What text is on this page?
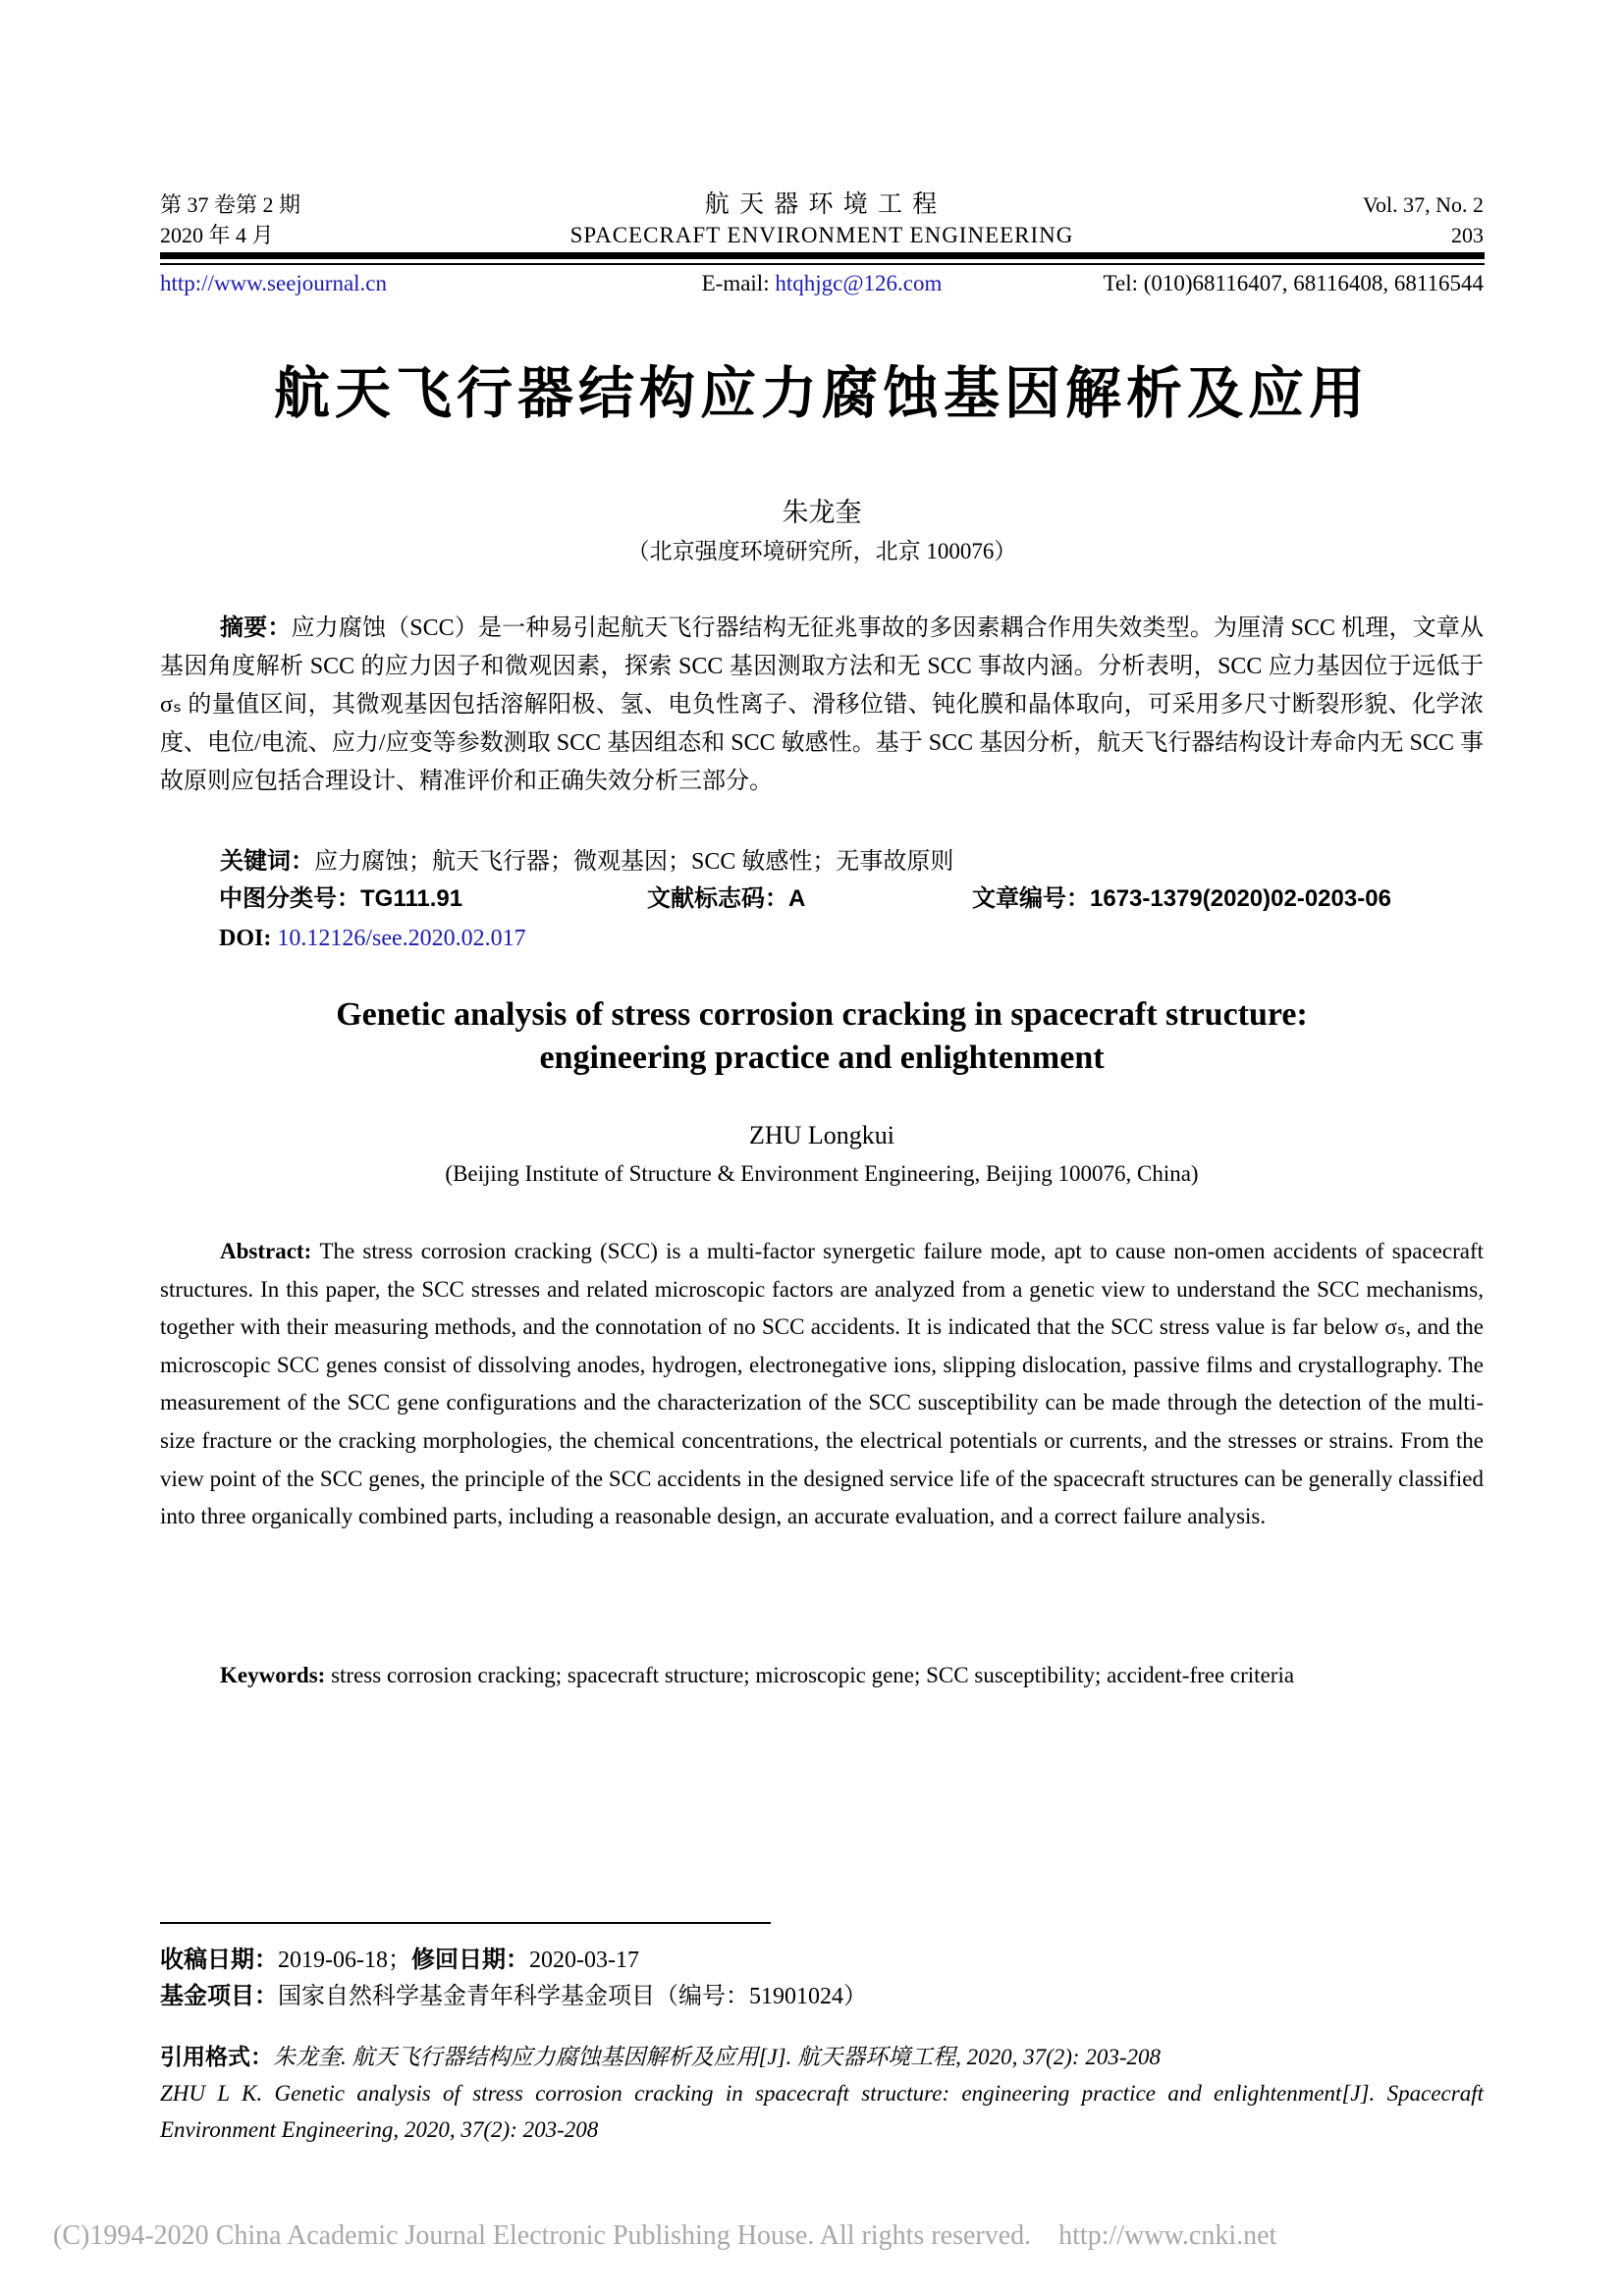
第 37 卷第 2 期
2020 年 4 月
航 天 器 环 境 工 程
SPACECRAFT ENVIRONMENT ENGINEERING
Vol. 37, No. 2
203
http://www.seejournal.cn	E-mail: htqhjgc@126.com	Tel: (010)68116407, 68116408, 68116544
航天飞行器结构应力腐蚀基因解析及应用
朱龙奎
（北京强度环境研究所，北京 100076）

摘要：应力腐蚀（SCC）是一种易引起航天飞行器结构无征兆事故的多因素耦合作用失效类型。为厘清 SCC 机理，文章从基因角度解析 SCC 的应力因子和微观因素，探索 SCC 基因测取方法和无 SCC 事故内涵。分析表明，SCC 应力基因位于远低于 σₛ 的量值区间，其微观基因包括溶解阳极、氢、电负性离子、滑移位错、钝化膜和晶体取向，可采用多尺寸断裂形貌、化学浓度、电位/电流、应力/应变等参数测取 SCC 基因组态和 SCC 敏感性。基于 SCC 基因分析，航天飞行器结构设计寿命内无 SCC 事故原则应包括合理设计、精准评价和正确失效分析三部分。

关键词：应力腐蚀；航天飞行器；微观基因；SCC 敏感性；无事故原则

中图分类号：TG111.91	文献标志码：A	文章编号：1673-1379(2020)02-0203-06
DOI: 10.12126/see.2020.02.017
Genetic analysis of stress corrosion cracking in spacecraft structure:
engineering practice and enlightenment
ZHU Longkui
(Beijing Institute of Structure & Environment Engineering, Beijing 100076, China)

Abstract: The stress corrosion cracking (SCC) is a multi-factor synergetic failure mode, apt to cause non-omen accidents of spacecraft structures. In this paper, the SCC stresses and related microscopic factors are analyzed from a genetic view to understand the SCC mechanisms, together with their measuring methods, and the connotation of no SCC accidents. It is indicated that the SCC stress value is far below σₛ, and the microscopic SCC genes consist of dissolving anodes, hydrogen, electronegative ions, slipping dislocation, passive films and crystallography. The measurement of the SCC gene configurations and the characterization of the SCC susceptibility can be made through the detection of the multi-size fracture or the cracking morphologies, the chemical concentrations, the electrical potentials or currents, and the stresses or strains. From the view point of the SCC genes, the principle of the SCC accidents in the designed service life of the spacecraft structures can be generally classified into three organically combined parts, including a reasonable design, an accurate evaluation, and a correct failure analysis.

Keywords: stress corrosion cracking; spacecraft structure; microscopic gene; SCC susceptibility; accident-free criteria

收稿日期：2019-06-18；修回日期：2020-03-17
基金项目：国家自然科学基金青年科学基金项目（编号：51901024）

引用格式：朱龙奎. 航天飞行器结构应力腐蚀基因解析及应用[J]. 航天器环境工程, 2020, 37(2): 203-208

ZHU L K. Genetic analysis of stress corrosion cracking in spacecraft structure: engineering practice and enlightenment[J]. Spacecraft Environment Engineering, 2020, 37(2): 203-208

(C)1994-2020 China Academic Journal Electronic Publishing House. All rights reserved. http://www.cnki.net
